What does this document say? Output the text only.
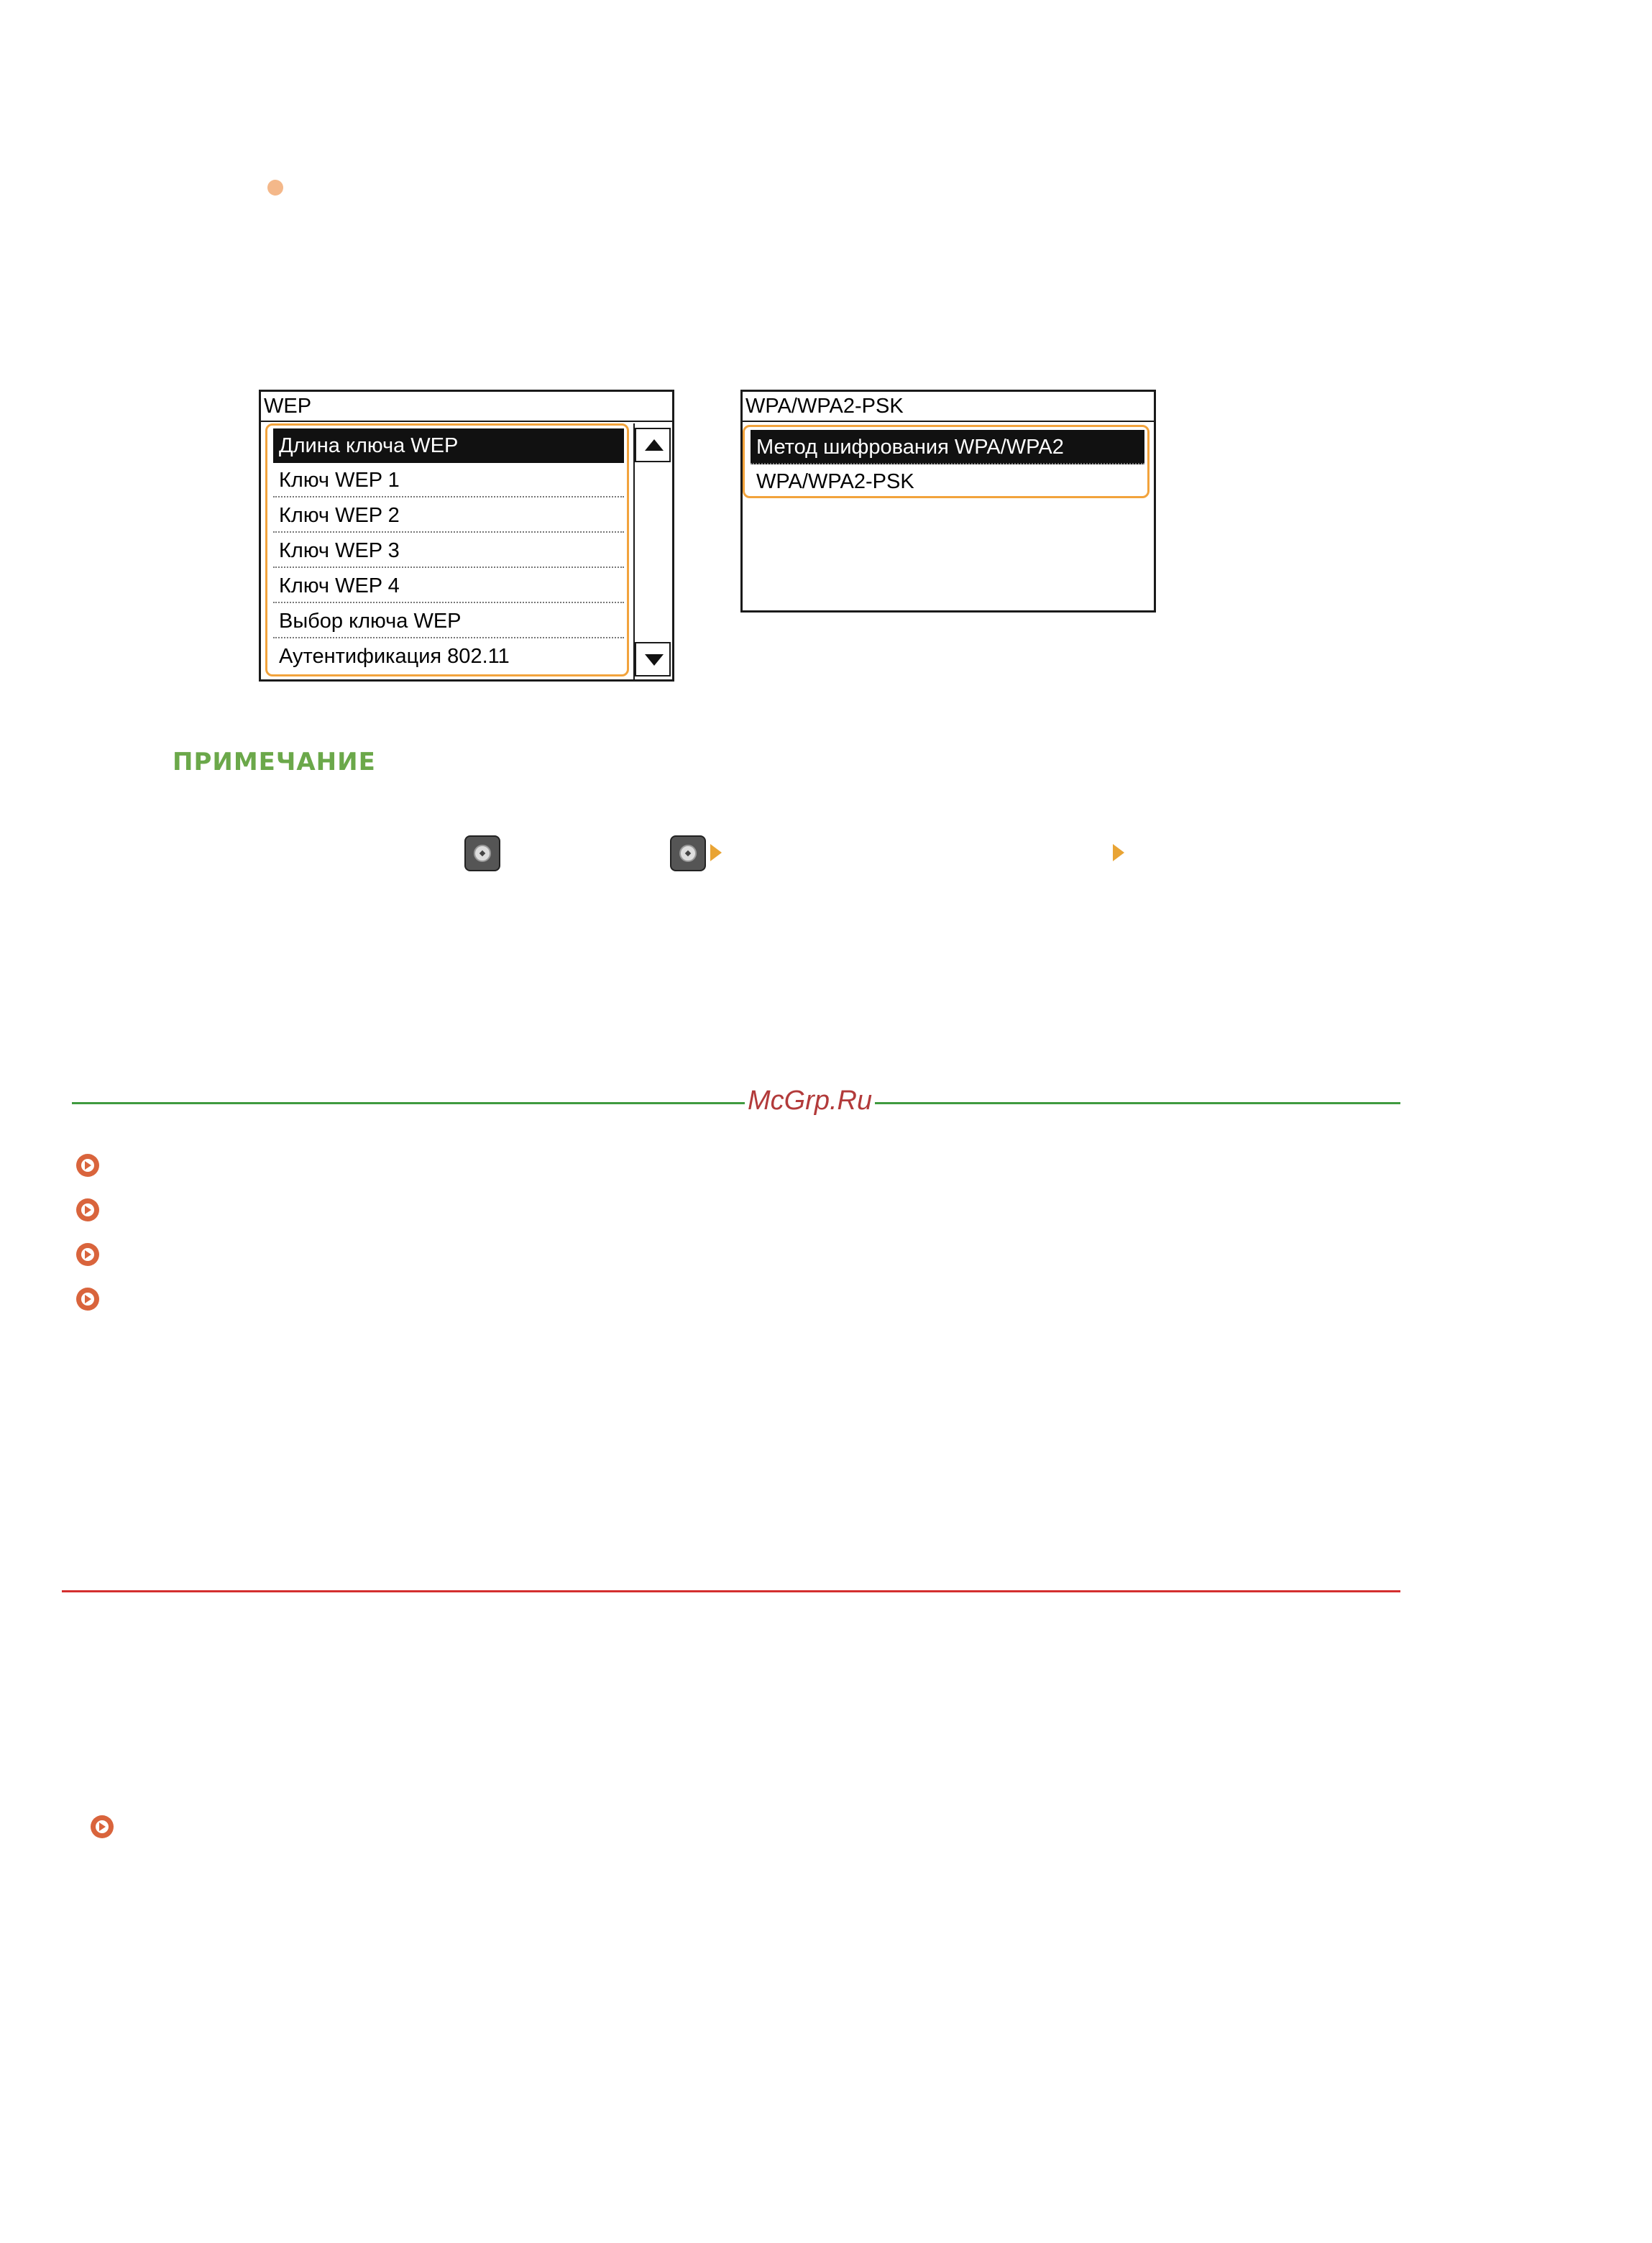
WEP
Длина ключа WEP
Ключ WEP 1
Ключ WEP 2
Ключ WEP 3
Ключ WEP 4
Выбор ключа WEP
Аутентификация 802.11
WPA/WPA2-PSK
Метод шифрования WPA/WPA2
WPA/WPA2-PSK
ПРИМЕЧАНИЕ
McGrp.Ru
